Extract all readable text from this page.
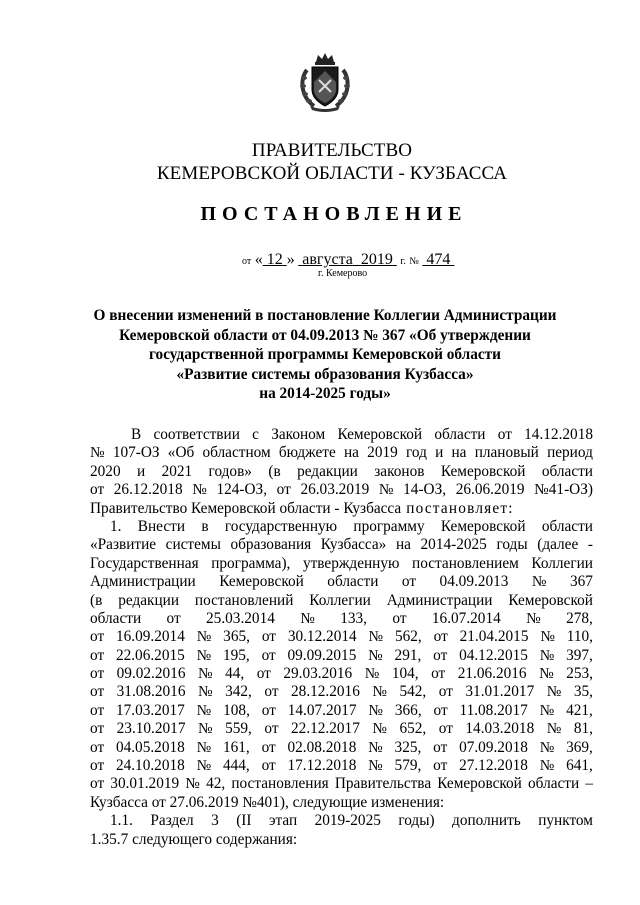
ПРАВИТЕЛЬСТВО
КЕМЕРОВСКОЙ ОБЛАСТИ - КУЗБАССА
ПОСТАНОВЛЕНИЕ
от « 12 » августа 2019 г. № 474
г. Кемерово
О внесении изменений в постановление Коллегии Администрации
Кемеровской области от 04.09.2013 № 367 «Об утверждении
государственной программы Кемеровской области
«Развитие системы образования Кузбасса»
на 2014-2025 годы»
В соответствии с Законом Кемеровской области от 14.12.2018
№ 107-ОЗ «Об областном бюджете на 2019 год и на плановый период
2020 и 2021 годов» (в редакции законов Кемеровской области
от 26.12.2018 № 124-ОЗ, от 26.03.2019 № 14-ОЗ, 26.06.2019 №41-ОЗ)
Правительство Кемеровской области - Кузбасса постановляет:
1. Внести в государственную программу Кемеровской области
«Развитие системы образования Кузбасса» на 2014-2025 годы (далее -
Государственная программа), утвержденную постановлением Коллегии
Администрации Кемеровской области от 04.09.2013 № 367
(в редакции постановлений Коллегии Администрации Кемеровской
области от 25.03.2014 № 133, от 16.07.2014 № 278,
от 16.09.2014 № 365, от 30.12.2014 № 562, от 21.04.2015 № 110,
от 22.06.2015 № 195, от 09.09.2015 № 291, от 04.12.2015 № 397,
от 09.02.2016 № 44, от 29.03.2016 № 104, от 21.06.2016 № 253,
от 31.08.2016 № 342, от 28.12.2016 № 542, от 31.01.2017 № 35,
от 17.03.2017 № 108, от 14.07.2017 № 366, от 11.08.2017 № 421,
от 23.10.2017 № 559, от 22.12.2017 № 652, от 14.03.2018 № 81,
от 04.05.2018 № 161, от 02.08.2018 № 325, от 07.09.2018 № 369,
от 24.10.2018 № 444, от 17.12.2018 № 579, от 27.12.2018 № 641,
от 30.01.2019 № 42, постановления Правительства Кемеровской области –
Кузбасса от 27.06.2019 №401), следующие изменения:
1.1. Раздел 3 (II этап 2019-2025 годы) дополнить пунктом
1.35.7 следующего содержания:
